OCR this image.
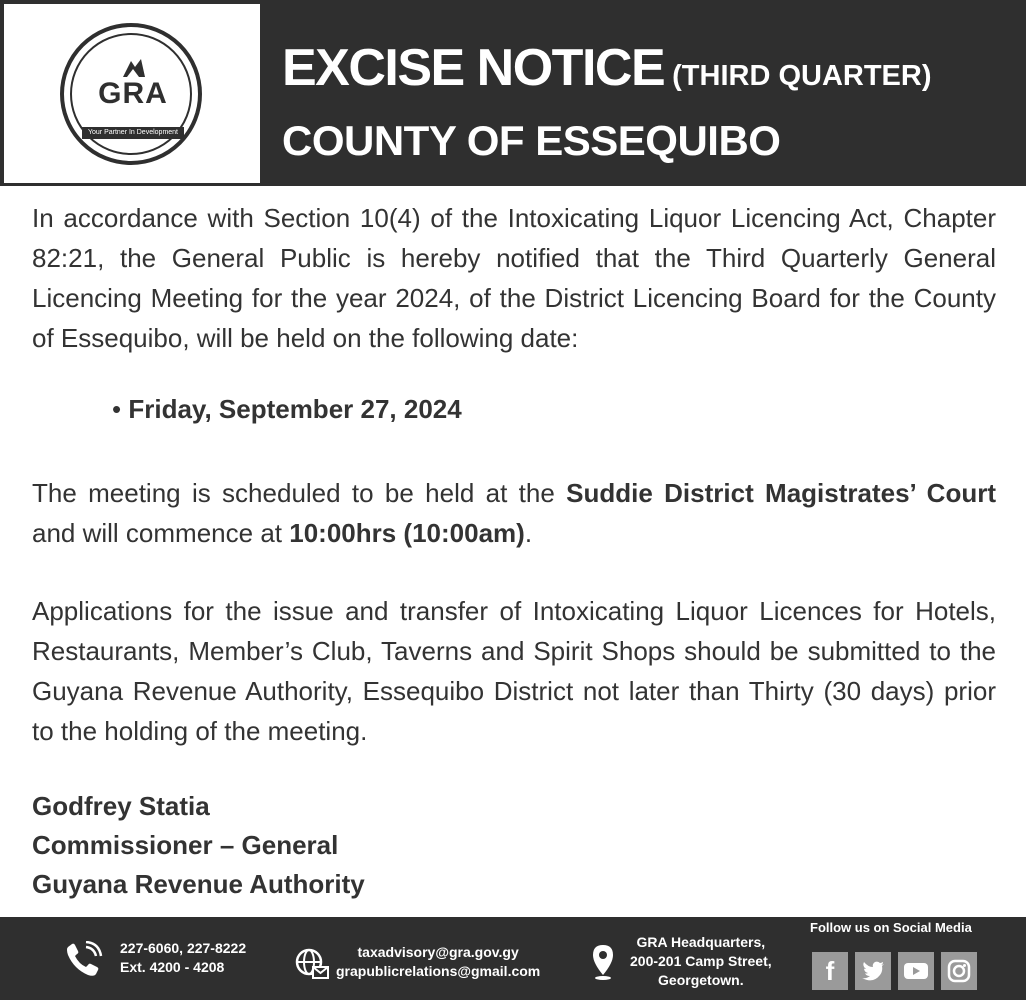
GRA
Your Partner In Development
EXCISE NOTICE (THIRD QUARTER)
COUNTY OF ESSEQUIBO

In accordance with Section 10(4) of the Intoxicating Liquor Licencing Act, Chapter 82:21, the General Public is hereby notified that the Third Quarterly General Licencing Meeting for the year 2024, of the District Licencing Board for the County of Essequibo, will be held on the following date:

• Friday, September 27, 2024

The meeting is scheduled to be held at the Suddie District Magistrates’ Court and will commence at 10:00hrs (10:00am).

Applications for the issue and transfer of Intoxicating Liquor Licences for Hotels, Restaurants, Member’s Club, Taverns and Spirit Shops should be submitted to the Guyana Revenue Authority, Essequibo District not later than Thirty (30 days) prior to the holding of the meeting.

Godfrey Statia
Commissioner – General
Guyana Revenue Authority
227-6060, 227-8222
Ext. 4200 - 4208
taxadvisory@gra.gov.gy
grapublicrelations@gmail.com
GRA Headquarters,
200-201 Camp Street,
Georgetown.
Follow us on Social Media
f
